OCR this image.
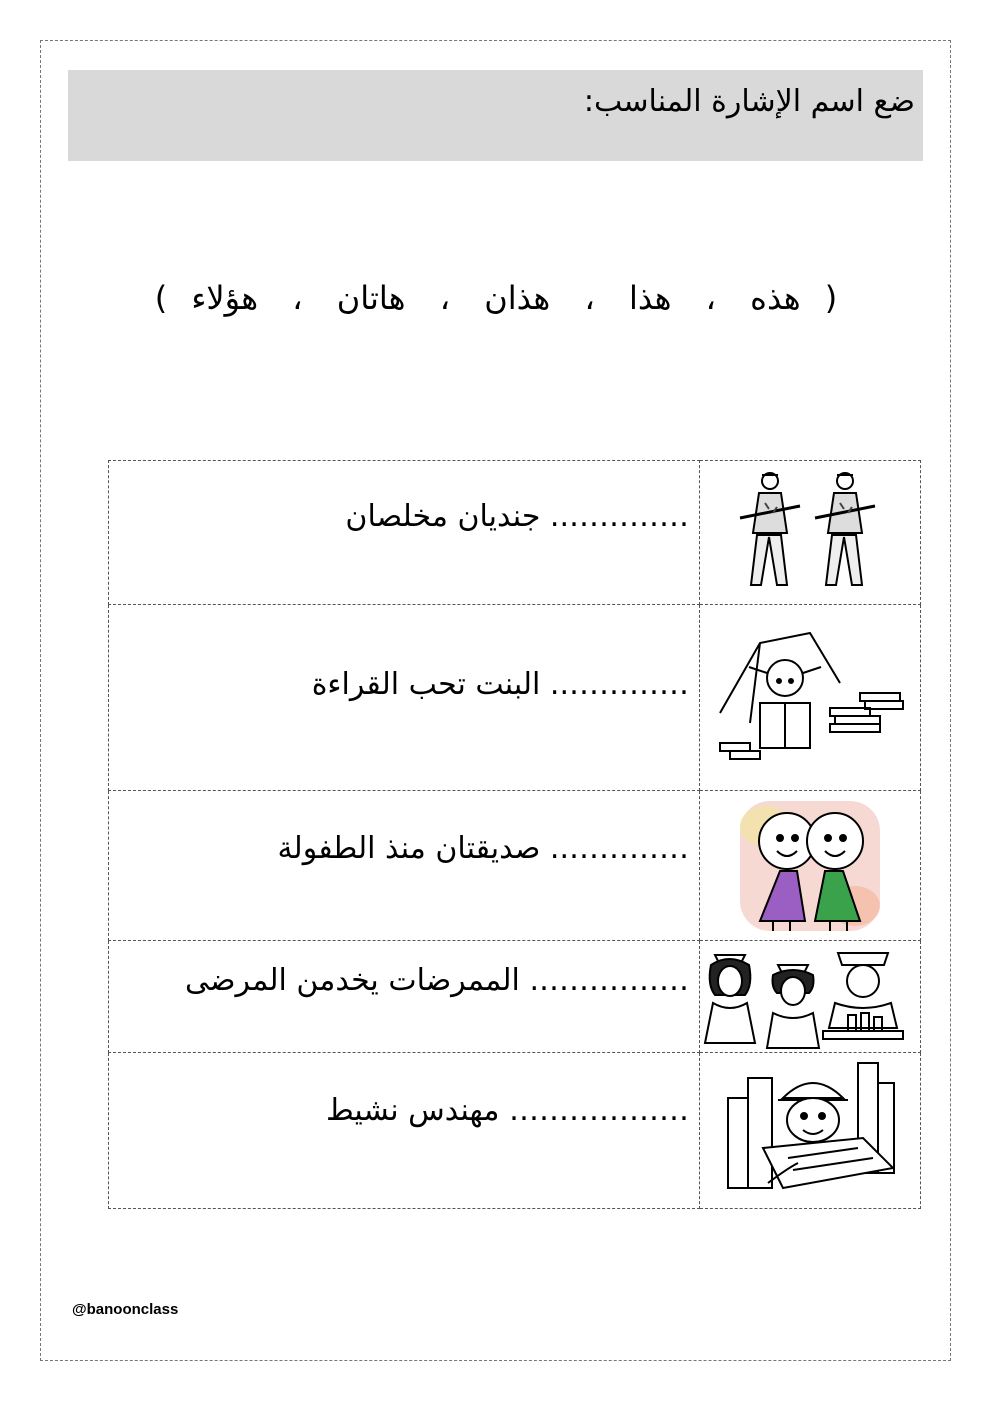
ضع اسم الإشارة المناسب:
( هذه ، هذا ، هذان ، هاتان ، هؤلاء )
………….. جنديان مخلصان

………….. البنت تحب القراءة

………….. صديقتان منذ الطفولة

……………. الممرضات يخدمن المرضى

……………… مهندس نشيط

@banoonclass
